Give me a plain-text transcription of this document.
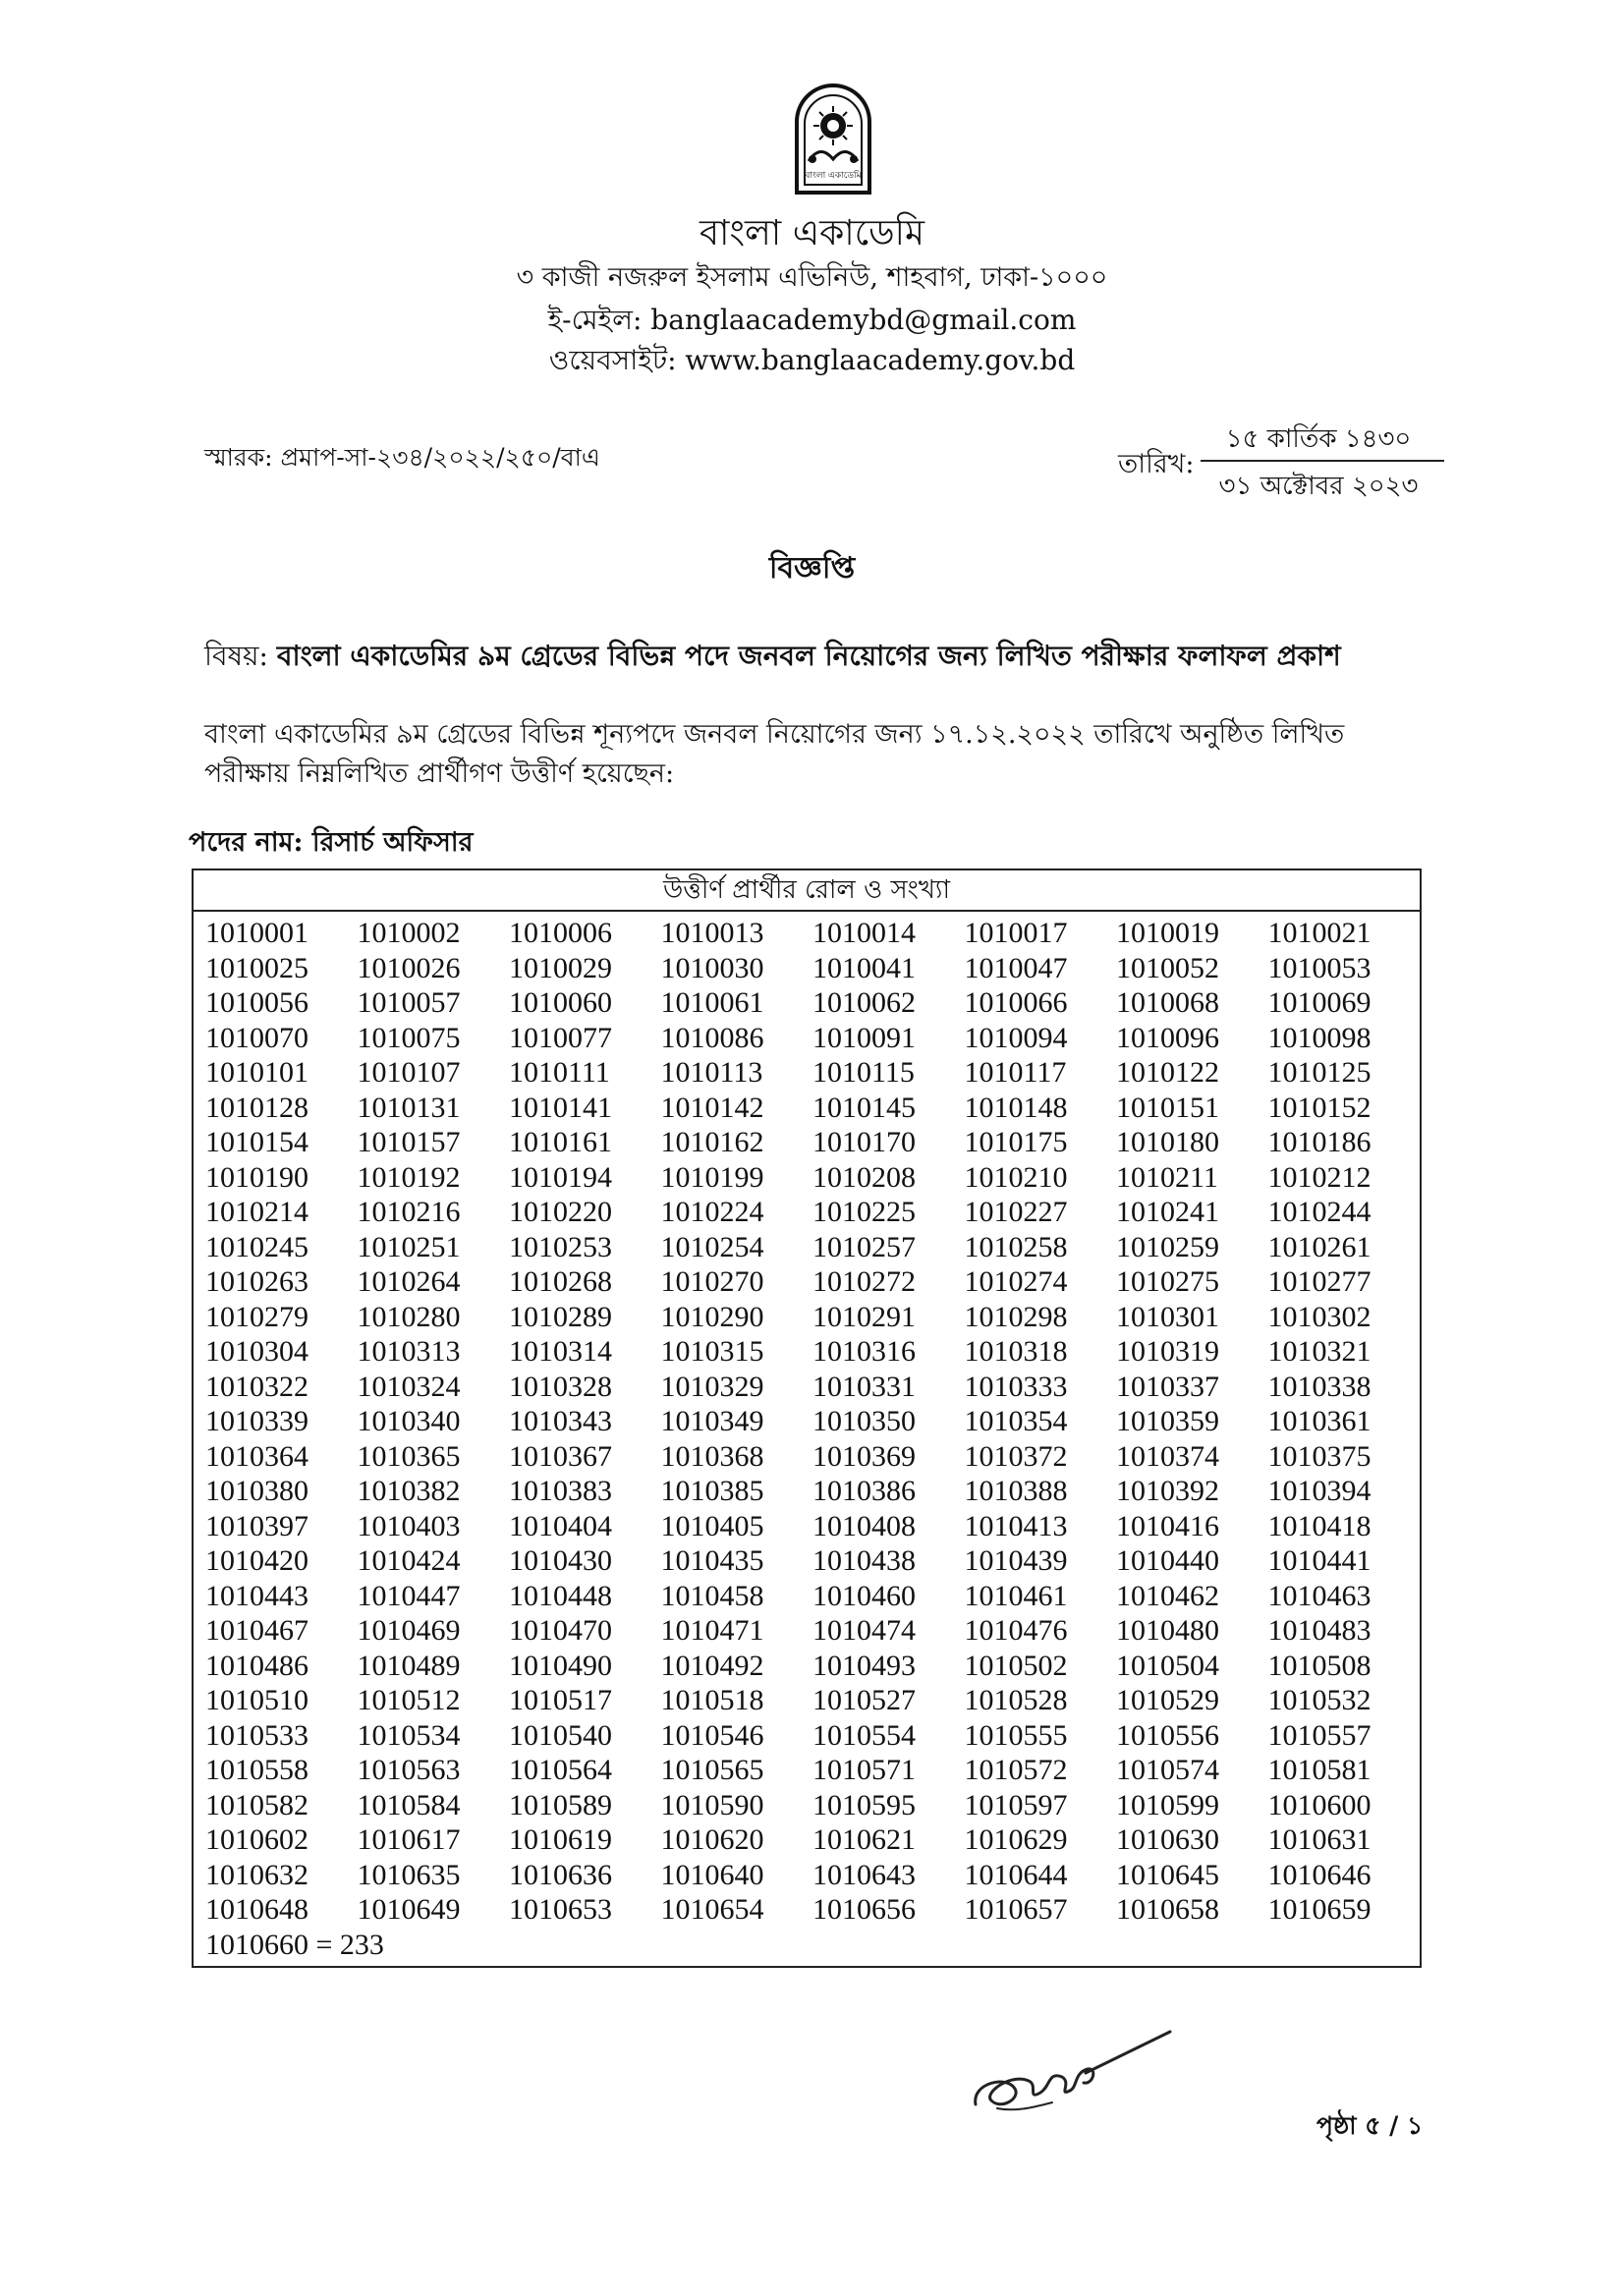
বাংলা একাডেমি
বাংলা একাডেমি
৩ কাজী নজরুল ইসলাম এভিনিউ, শাহবাগ, ঢাকা-১০০০
ই-মেইল: banglaacademybd@gmail.com
ওয়েবসাইট: www.banglaacademy.gov.bd
স্মারক: প্রমাপ-সা-২৩৪/২০২২/২৫০/বাএ	তারিখ:
১৫ কার্তিক ১৪৩০
৩১ অক্টোবর ২০২৩
বিজ্ঞপ্তি
বিষয়: বাংলা একাডেমির ৯ম গ্রেডের বিভিন্ন পদে জনবল নিয়োগের জন্য লিখিত পরীক্ষার ফলাফল প্রকাশ
বাংলা একাডেমির ৯ম গ্রেডের বিভিন্ন শূন্যপদে জনবল নিয়োগের জন্য ১৭.১২.২০২২ তারিখে অনুষ্ঠিত লিখিত পরীক্ষায় নিম্নলিখিত প্রার্থীগণ উত্তীর্ণ হয়েছেন:
পদের নাম: রিসার্চ অফিসার
উত্তীর্ণ প্রার্থীর রোল ও সংখ্যা
1010001 1010002 1010006 1010013 1010014 1010017 1010019 1010021
1010025 1010026 1010029 1010030 1010041 1010047 1010052 1010053
1010056 1010057 1010060 1010061 1010062 1010066 1010068 1010069
1010070 1010075 1010077 1010086 1010091 1010094 1010096 1010098
1010101 1010107 1010111 1010113 1010115 1010117 1010122 1010125
1010128 1010131 1010141 1010142 1010145 1010148 1010151 1010152
1010154 1010157 1010161 1010162 1010170 1010175 1010180 1010186
1010190 1010192 1010194 1010199 1010208 1010210 1010211 1010212
1010214 1010216 1010220 1010224 1010225 1010227 1010241 1010244
1010245 1010251 1010253 1010254 1010257 1010258 1010259 1010261
1010263 1010264 1010268 1010270 1010272 1010274 1010275 1010277
1010279 1010280 1010289 1010290 1010291 1010298 1010301 1010302
1010304 1010313 1010314 1010315 1010316 1010318 1010319 1010321
1010322 1010324 1010328 1010329 1010331 1010333 1010337 1010338
1010339 1010340 1010343 1010349 1010350 1010354 1010359 1010361
1010364 1010365 1010367 1010368 1010369 1010372 1010374 1010375
1010380 1010382 1010383 1010385 1010386 1010388 1010392 1010394
1010397 1010403 1010404 1010405 1010408 1010413 1010416 1010418
1010420 1010424 1010430 1010435 1010438 1010439 1010440 1010441
1010443 1010447 1010448 1010458 1010460 1010461 1010462 1010463
1010467 1010469 1010470 1010471 1010474 1010476 1010480 1010483
1010486 1010489 1010490 1010492 1010493 1010502 1010504 1010508
1010510 1010512 1010517 1010518 1010527 1010528 1010529 1010532
1010533 1010534 1010540 1010546 1010554 1010555 1010556 1010557
1010558 1010563 1010564 1010565 1010571 1010572 1010574 1010581
1010582 1010584 1010589 1010590 1010595 1010597 1010599 1010600
1010602 1010617 1010619 1010620 1010621 1010629 1010630 1010631
1010632 1010635 1010636 1010640 1010643 1010644 1010645 1010646
1010648 1010649 1010653 1010654 1010656 1010657 1010658 1010659
1010660 = 233
পৃষ্ঠা ৫ / ১
